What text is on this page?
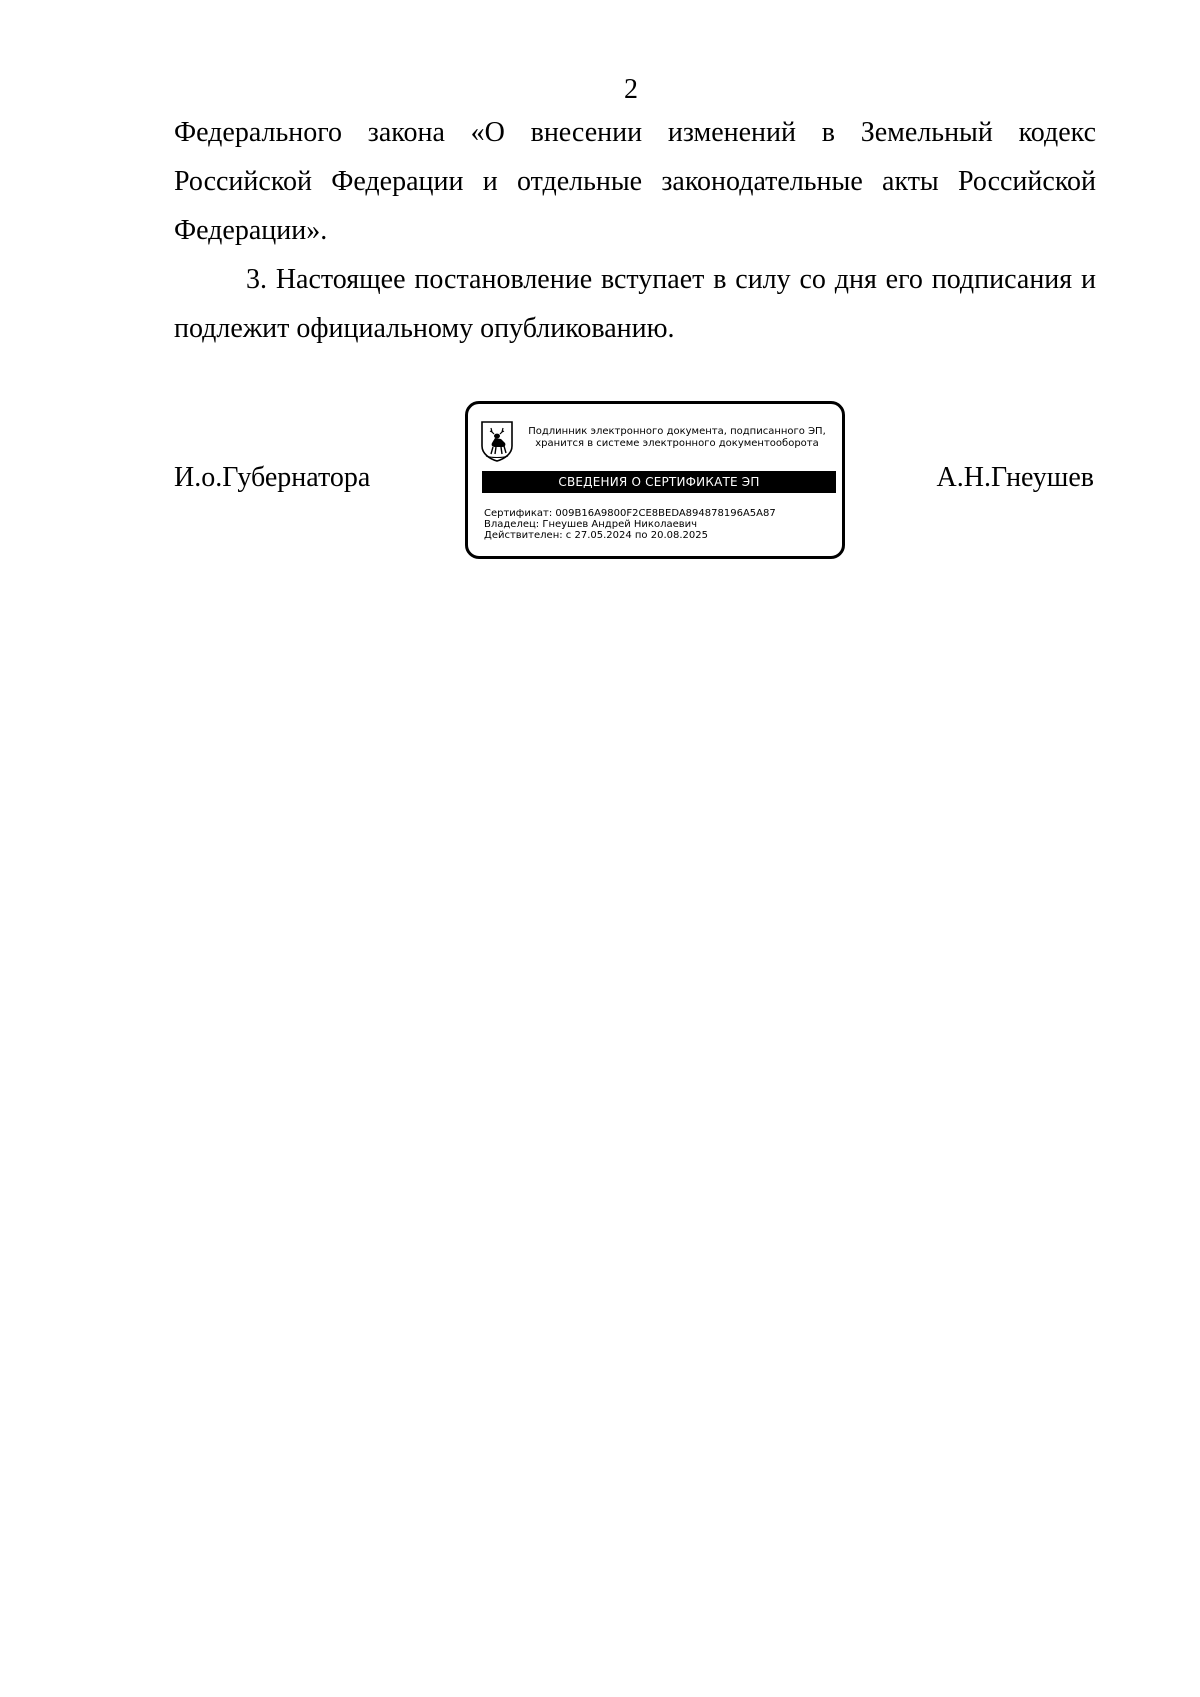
2

Федерального закона «О внесении изменений в Земельный кодекс Российской Федерации и отдельные законодательные акты Российской Федерации».

3. Настоящее постановление вступает в силу со дня его подписания и подлежит официальному опубликованию.

И.о.Губернатора	А.Н.Гнеушев
Подлинник электронного документа, подписанного ЭП,
хранится в системе электронного документооборота
СВЕДЕНИЯ О СЕРТИФИКАТЕ ЭП
Сертификат: 009B16A9800F2CE8BEDA894878196A5A87
Владелец: Гнеушев Андрей Николаевич
Действителен: с 27.05.2024 по 20.08.2025
